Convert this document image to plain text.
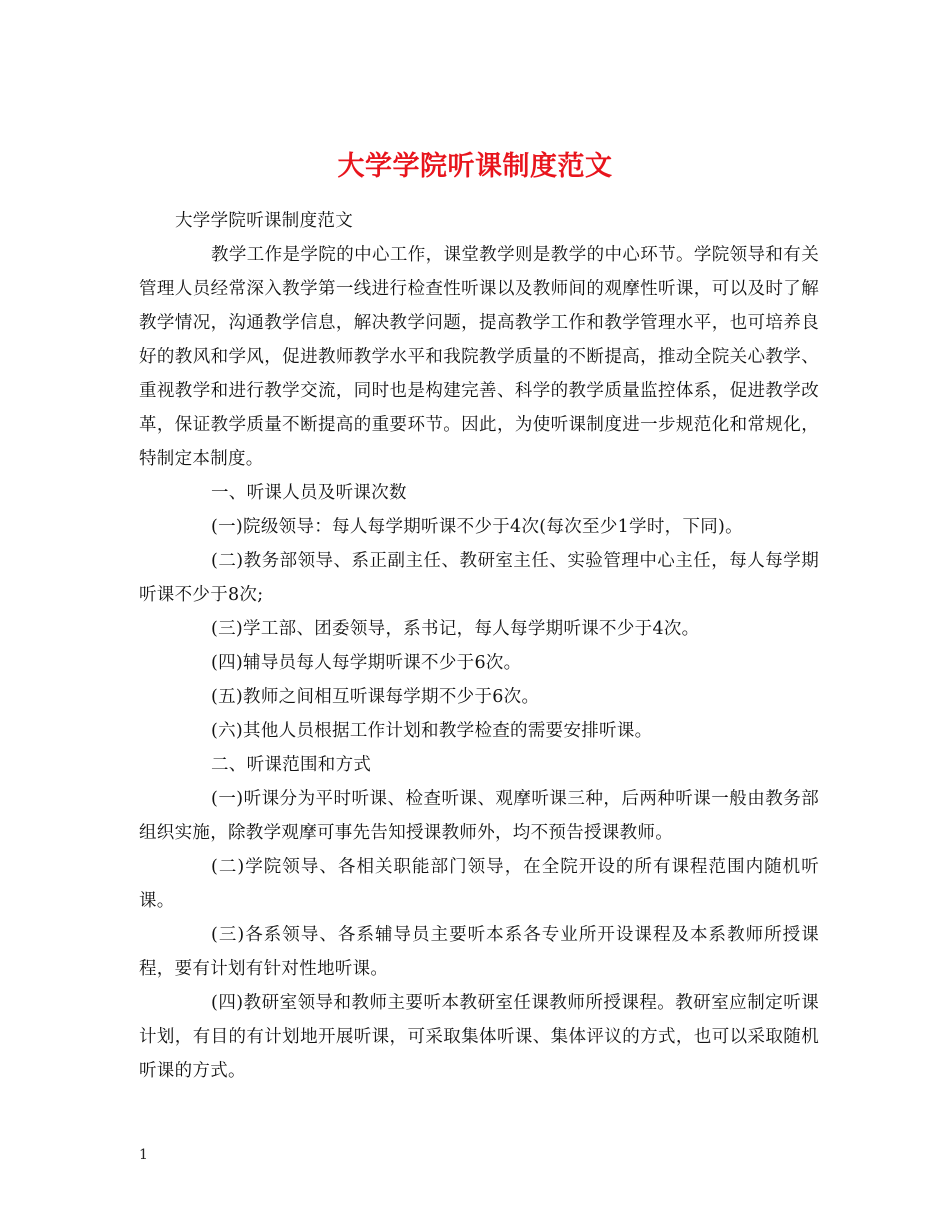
大学学院听课制度范文

大学学院听课制度范文

教学工作是学院的中心工作，课堂教学则是教学的中心环节。学院领导和有关管理人员经常深入教学第一线进行检查性听课以及教师间的观摩性听课，可以及时了解教学情况，沟通教学信息，解决教学问题，提高教学工作和教学管理水平，也可培养良好的教风和学风，促进教师教学水平和我院教学质量的不断提高，推动全院关心教学、重视教学和进行教学交流，同时也是构建完善、科学的教学质量监控体系，促进教学改革，保证教学质量不断提高的重要环节。因此，为使听课制度进一步规范化和常规化，特制定本制度。

一、听课人员及听课次数

(一)院级领导：每人每学期听课不少于4次(每次至少1学时，下同)。

(二)教务部领导、系正副主任、教研室主任、实验管理中心主任，每人每学期听课不少于8次;

(三)学工部、团委领导，系书记，每人每学期听课不少于4次。

(四)辅导员每人每学期听课不少于6次。

(五)教师之间相互听课每学期不少于6次。

(六)其他人员根据工作计划和教学检查的需要安排听课。

二、听课范围和方式

(一)听课分为平时听课、检查听课、观摩听课三种，后两种听课一般由教务部组织实施，除教学观摩可事先告知授课教师外，均不预告授课教师。

(二)学院领导、各相关职能部门领导，在全院开设的所有课程范围内随机听课。

(三)各系领导、各系辅导员主要听本系各专业所开设课程及本系教师所授课程，要有计划有针对性地听课。

(四)教研室领导和教师主要听本教研室任课教师所授课程。教研室应制定听课计划，有目的有计划地开展听课，可采取集体听课、集体评议的方式，也可以采取随机听课的方式。

1
